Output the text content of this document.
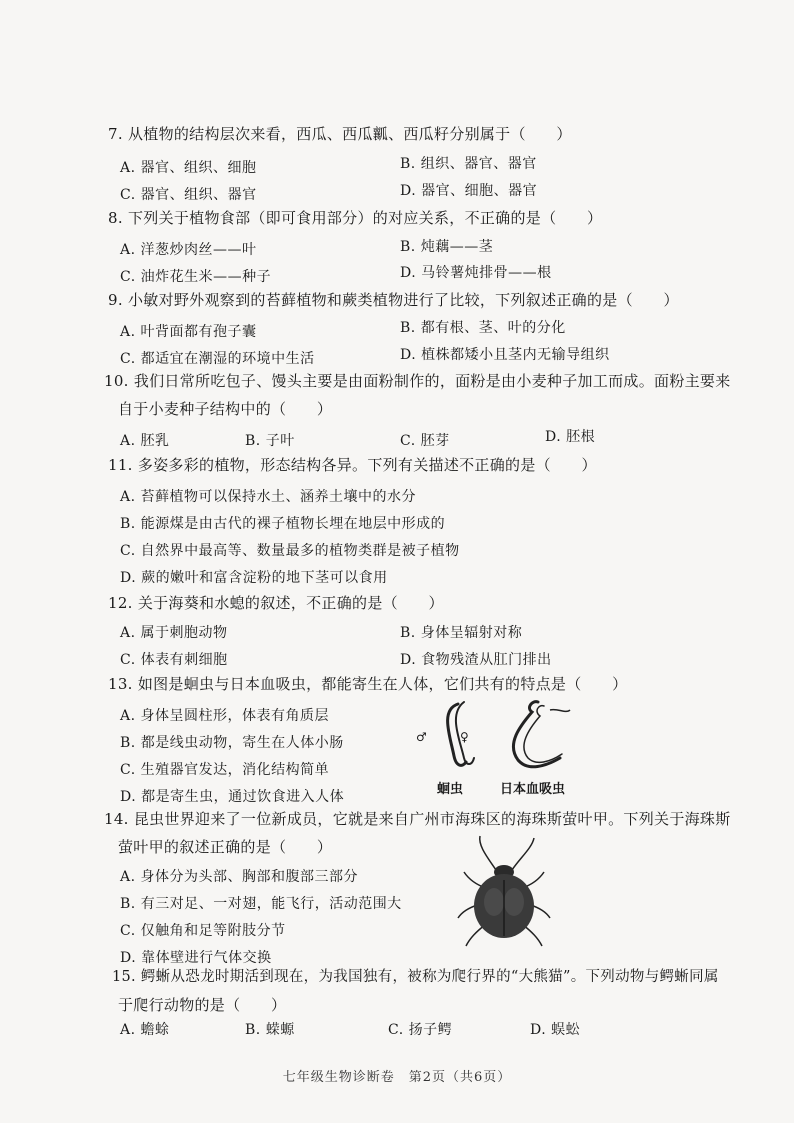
7. 从植物的结构层次来看，西瓜、西瓜瓤、西瓜籽分别属于（　　）
A. 器官、组织、细胞	B. 组织、器官、器官
C. 器官、组织、器官	D. 器官、细胞、器官
8. 下列关于植物食部（即可食用部分）的对应关系，不正确的是（　　）
A. 洋葱炒肉丝——叶	B. 炖藕——茎
C. 油炸花生米——种子	D. 马铃薯炖排骨——根
9. 小敏对野外观察到的苔藓植物和蕨类植物进行了比较，下列叙述正确的是（　　）
A. 叶背面都有孢子囊	B. 都有根、茎、叶的分化
C. 都适宜在潮湿的环境中生活	D. 植株都矮小且茎内无输导组织
10. 我们日常所吃包子、馒头主要是由面粉制作的，面粉是由小麦种子加工而成。面粉主要来
自于小麦种子结构中的（　　）
A. 胚乳	B. 子叶	C. 胚芽	D. 胚根
11. 多姿多彩的植物，形态结构各异。下列有关描述不正确的是（　　）
A. 苔藓植物可以保持水土、涵养土壤中的水分
B. 能源煤是由古代的裸子植物长埋在地层中形成的
C. 自然界中最高等、数量最多的植物类群是被子植物
D. 蕨的嫩叶和富含淀粉的地下茎可以食用
12. 关于海葵和水螅的叙述，不正确的是（　　）
A. 属于刺胞动物	B. 身体呈辐射对称
C. 体表有刺细胞	D. 食物残渣从肛门排出
13. 如图是蛔虫与日本血吸虫，都能寄生在人体，它们共有的特点是（　　）
A. 身体呈圆柱形，体表有角质层
B. 都是线虫动物，寄生在人体小肠
C. 生殖器官发达，消化结构简单
D. 都是寄生虫，通过饮食进入人体
♂	♀
蛔虫	日本血吸虫
14. 昆虫世界迎来了一位新成员，它就是来自广州市海珠区的海珠斯萤叶甲。下列关于海珠斯
萤叶甲的叙述正确的是（　　）
A. 身体分为头部、胸部和腹部三部分
B. 有三对足、一对翅，能飞行，活动范围大
C. 仅触角和足等附肢分节
D. 靠体壁进行气体交换
15. 鳄蜥从恐龙时期活到现在，为我国独有，被称为爬行界的“大熊猫”。下列动物与鳄蜥同属
于爬行动物的是（　　）
A. 蟾蜍	B. 蝾螈	C. 扬子鳄	D. 蜈蚣
七年级生物诊断卷　第2页（共6页）
